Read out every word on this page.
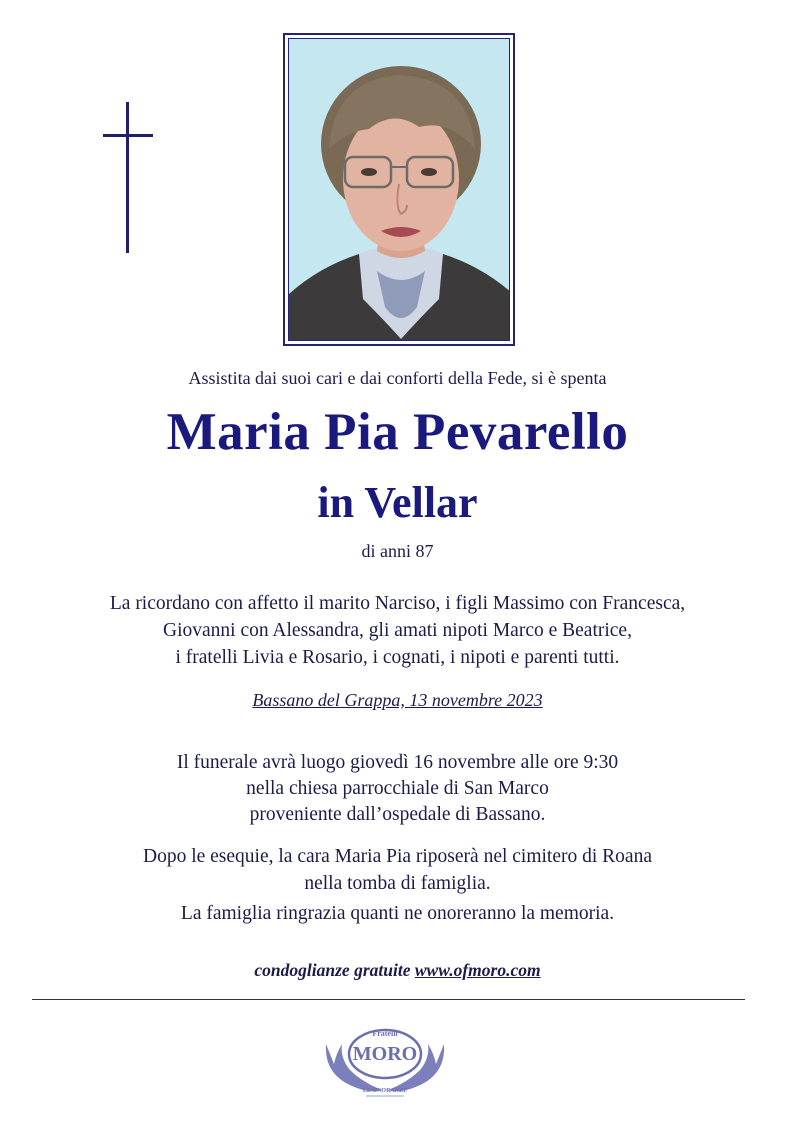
Assistita dai suoi cari e dai conforti della Fede, si è spenta
Maria Pia Pevarello
in Vellar
di anni 87
La ricordano con affetto il marito Narciso, i figli Massimo con Francesca,
Giovanni con Alessandra, gli amati nipoti Marco e Beatrice,
i fratelli Livia e Rosario, i cognati, i nipoti e parenti tutti.
Bassano del Grappa, 13 novembre 2023
Il funerale avrà luogo giovedì 16 novembre alle ore 9:30
nella chiesa parrocchiale di San Marco
proveniente dall’ospedale di Bassano.
Dopo le esequie, la cara Maria Pia riposerà nel cimitero di Roana
nella tomba di famiglia.
La famiglia ringrazia quanti ne onoreranno la memoria.
condoglianze gratuite www.ofmoro.com
Fratelli
MORO
LE ONORANZE
